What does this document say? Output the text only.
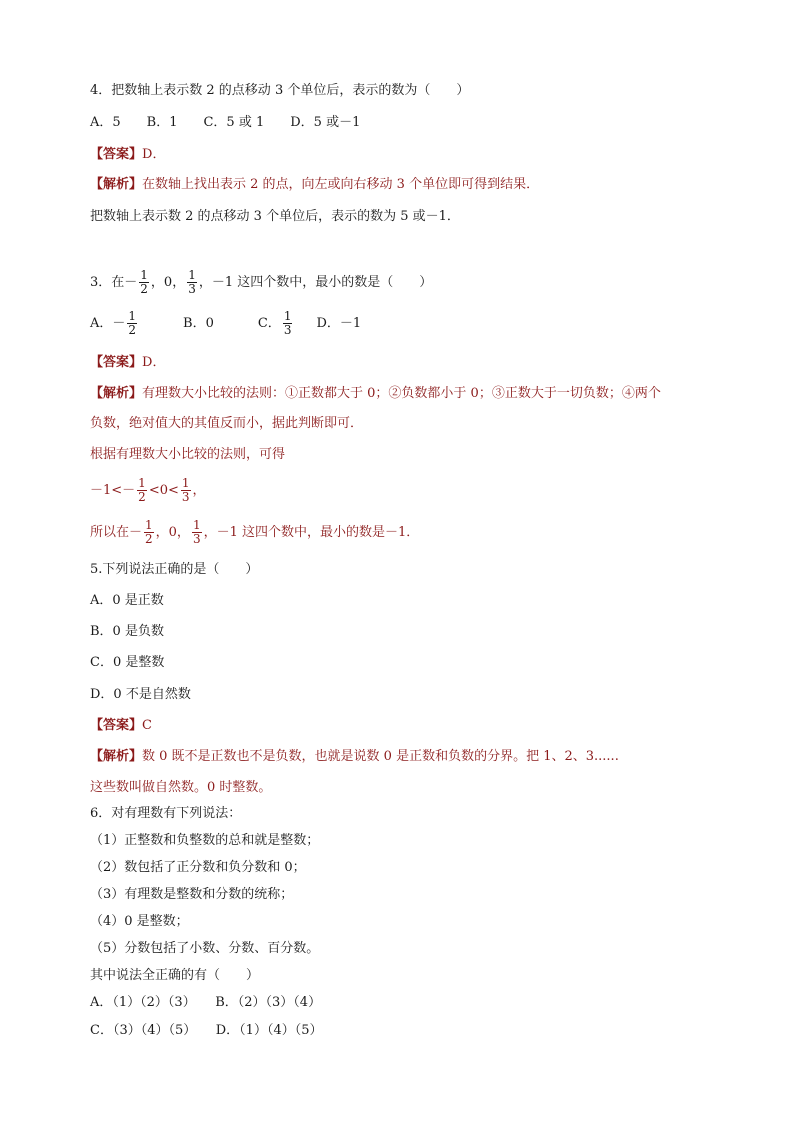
4．把数轴上表示数 2 的点移动 3 个单位后，表示的数为（　　）
A．5　　B．1　　C．5 或 1　　D．5 或－1
【答案】D．
【解析】在数轴上找出表示 2 的点，向左或向右移动 3 个单位即可得到结果．
把数轴上表示数 2 的点移动 3 个单位后，表示的数为 5 或－1．
3．在－ $\frac{1}{2}$ ，0， $\frac{1}{3}$ ，－1 这四个数中，最小的数是（　　）
A．－ $\frac{1}{2}$	B．0	C． $\frac{1}{3}$ D．－1
【答案】D．
【解析】有理数大小比较的法则：①正数都大于 0；②负数都小于 0；③正数大于一切负数；④两个
负数，绝对值大的其值反而小，据此判断即可．
根据有理数大小比较的法则，可得
$-1<- \frac{1}{2} <0< \frac{1}{3}$ ，
所以在－ $\frac{1}{2}$ ，0， $\frac{1}{3}$ ，－1 这四个数中，最小的数是－1．
5.下列说法正确的是（　　）
A．0 是正数
B．0 是负数
C．0 是整数
D．0 不是自然数
【答案】C
【解析】数 0 既不是正数也不是负数，也就是说数 0 是正数和负数的分界。把 1、2、3......
这些数叫做自然数。0 时整数。
6．对有理数有下列说法：
（1）正整数和负整数的总和就是整数；
（2）数包括了正分数和负分数和 0；
（3）有理数是整数和分数的统称；
（4）0 是整数；
（5）分数包括了小数、分数、百分数。
其中说法全正确的有（　　）
A．（1）（2）（3）　　B．（2）（3）（4）
C．（3）（4）（5）　　D．（1）（4）（5）
